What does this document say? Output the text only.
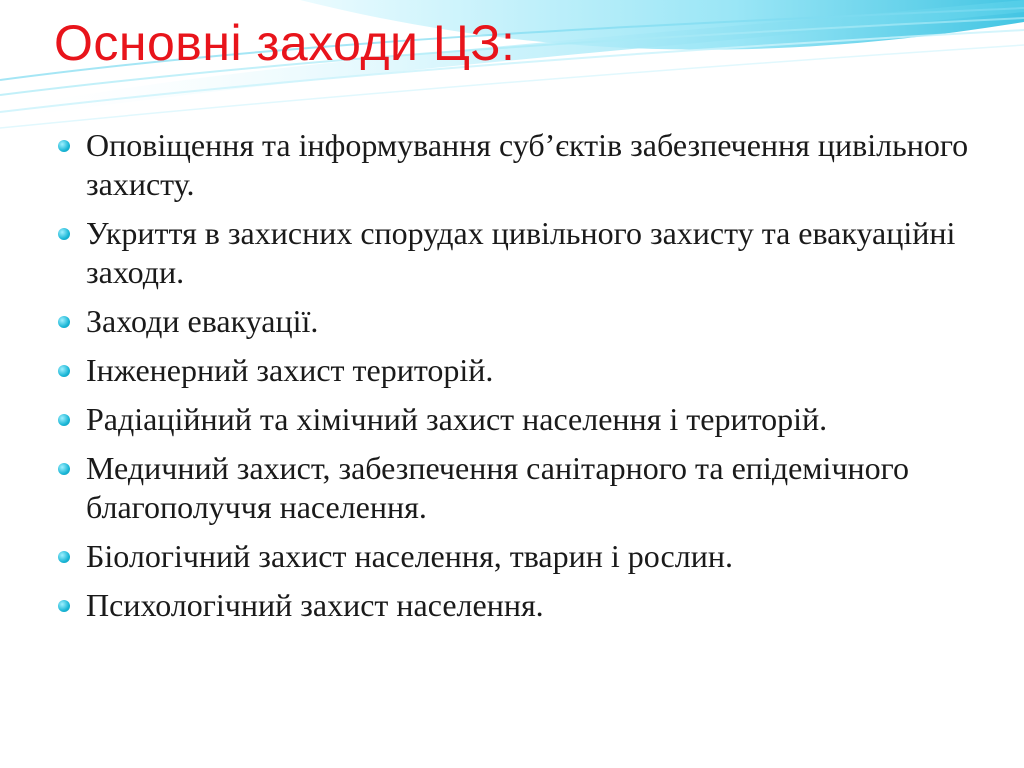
Основні заходи ЦЗ:
Оповіщення та інформування суб’єктів забезпечення цивільного захисту.
Укриття в захисних спорудах цивільного захисту та евакуаційні заходи.
Заходи евакуації.
Інженерний захист територій.
Радіаційний та хімічний захист населення і територій.
Медичний захист, забезпечення санітарного та епідемічного благополуччя населення.
Біологічний захист населення, тварин і рослин.
Психологічний захист населення.
